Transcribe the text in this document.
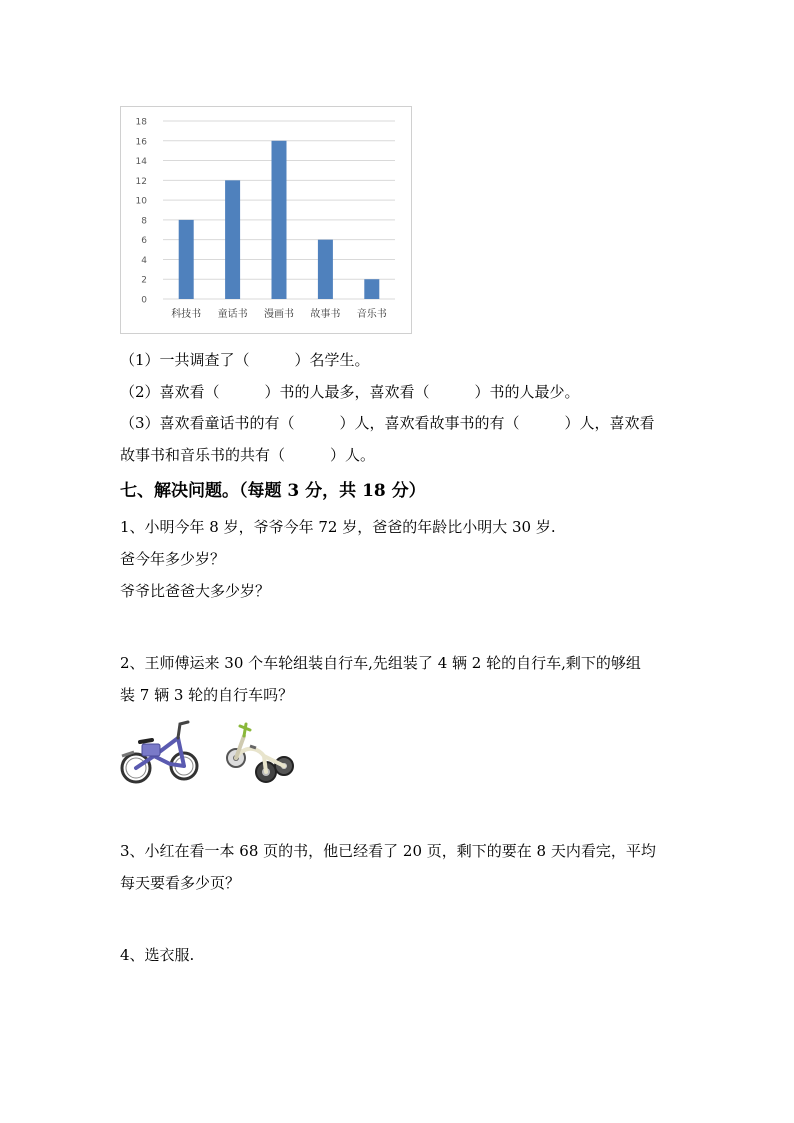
0
2
4
6
8
10
12
14
16
18
科技书 童话书 漫画书 故事书 音乐书
（1）一共调查了（　　　）名学生。
（2）喜欢看（　　　）书的人最多，喜欢看（　　　）书的人最少。
（3）喜欢看童话书的有（　　　）人，喜欢看故事书的有（　　　）人，喜欢看
故事书和音乐书的共有（　　　）人。
七、解决问题。（每题 3 分，共 18 分）
1、小明今年 8 岁，爷爷今年 72 岁，爸爸的年龄比小明大 30 岁.
爸今年多少岁？
爷爷比爸爸大多少岁？
2、王师傅运来 30 个车轮组装自行车,先组装了 4 辆 2 轮的自行车,剩下的够组
装 7 辆 3 轮的自行车吗？
3、小红在看一本 68 页的书，他已经看了 20 页，剩下的要在 8 天内看完，平均
每天要看多少页？
4、选衣服.
